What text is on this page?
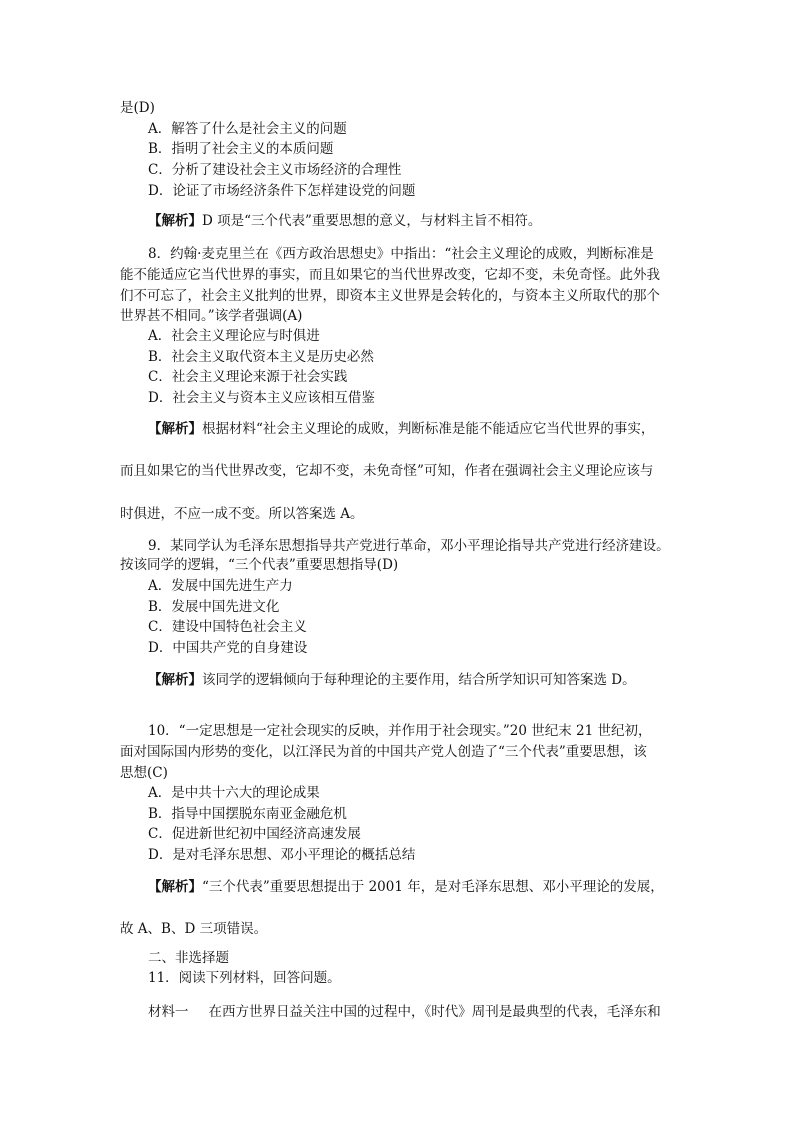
是(D)
A．解答了什么是社会主义的问题
B．指明了社会主义的本质问题
C．分析了建设社会主义市场经济的合理性
D．论证了市场经济条件下怎样建设党的问题
【解析】D 项是“三个代表”重要思想的意义，与材料主旨不相符。
8．约翰·麦克里兰在《西方政治思想史》中指出：“社会主义理论的成败，判断标准是
能不能适应它当代世界的事实，而且如果它的当代世界改变，它却不变，未免奇怪。此外我
们不可忘了，社会主义批判的世界，即资本主义世界是会转化的，与资本主义所取代的那个
世界甚不相同。”该学者强调(A)
A．社会主义理论应与时俱进
B．社会主义取代资本主义是历史必然
C．社会主义理论来源于社会实践
D．社会主义与资本主义应该相互借鉴
【解析】根据材料“社会主义理论的成败，判断标准是能不能适应它当代世界的事实，
而且如果它的当代世界改变，它却不变，未免奇怪”可知，作者在强调社会主义理论应该与
时俱进，不应一成不变。所以答案选 A。
9．某同学认为毛泽东思想指导共产党进行革命，邓小平理论指导共产党进行经济建设。
按该同学的逻辑，“三个代表”重要思想指导(D)
A．发展中国先进生产力
B．发展中国先进文化
C．建设中国特色社会主义
D．中国共产党的自身建设
【解析】该同学的逻辑倾向于每种理论的主要作用，结合所学知识可知答案选 D。
10．“一定思想是一定社会现实的反映，并作用于社会现实。”20 世纪末 21 世纪初，
面对国际国内形势的变化，以江泽民为首的中国共产党人创造了“三个代表”重要思想，该
思想(C)
A．是中共十六大的理论成果
B．指导中国摆脱东南亚金融危机
C．促进新世纪初中国经济高速发展
D．是对毛泽东思想、邓小平理论的概括总结
【解析】“三个代表”重要思想提出于 2001 年，是对毛泽东思想、邓小平理论的发展，
故 A、B、D 三项错误。
二、非选择题
11．阅读下列材料，回答问题。
材料一 在西方世界日益关注中国的过程中，《时代》周刊是最典型的代表，毛泽东和
